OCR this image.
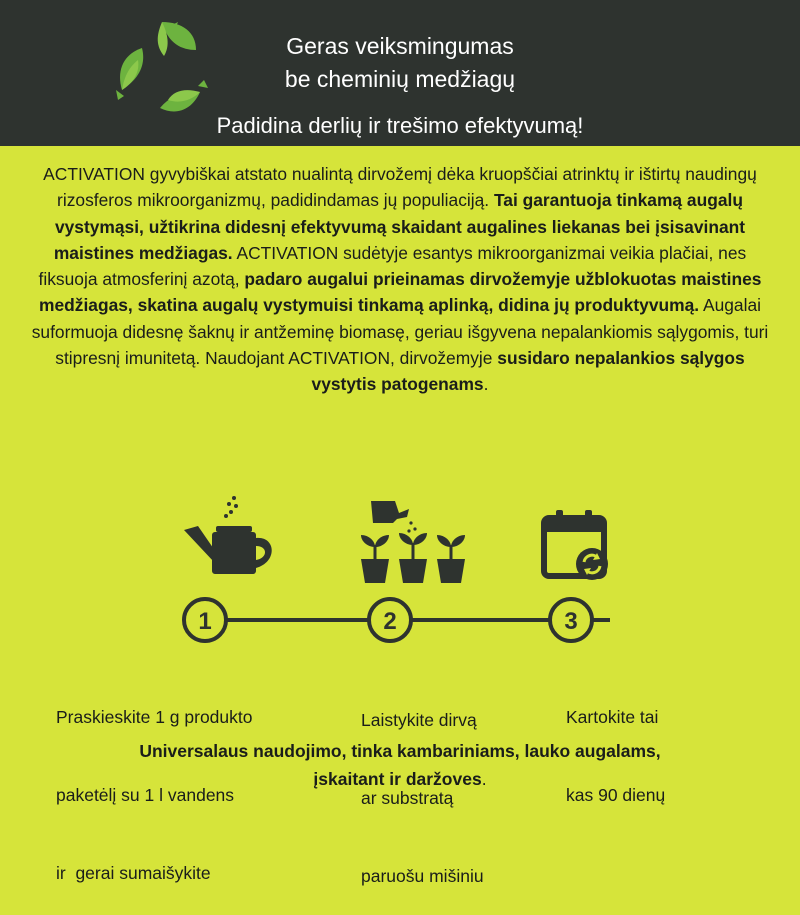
Geras veiksmingumas
be cheminių medžiagų
Padidina derlių ir trešimo efektyvumą!
ACTIVATION gyvybiškai atstato nualintą dirvožemį dėka kruopščiai atrinktų ir ištirtų naudingų rizosferos mikroorganizmų, padidindamas jų populiaciją. Tai garantuoja tinkamą augalų vystymąsi, užtikrina didesnį efektyvumą skaidant augalines liekanas bei įsisavinant maistines medžiagas. ACTIVATION sudėtyje esantys mikroorganizmai veikia plačiai, nes fiksuoja atmosferinį azotą, padaro augalui prieinamas dirvožemyje užblokuotas maistines medžiagas, skatina augalų vystymuisi tinkamą aplinką, didina jų produktyvumą. Augalai suformuoja didesnę šaknų ir antžeminę biomasę, geriau išgyvena nepalankiomis sąlygomis, turi stipresnį imunitetą. Naudojant ACTIVATION, dirvožemyje susidaro nepalankios sąlygos vystytis patogenams.
1	2	3

Praskieskite 1 g produkto

paketėlį su 1 l vandens

ir  gerai sumaišykite

Laistykite dirvą

ar substratą

paruošu mišiniu

Kartokite tai

kas 90 dienų

Universalaus naudojimo, tinka kambariniams, lauko augalams,
įskaitant ir daržoves.
